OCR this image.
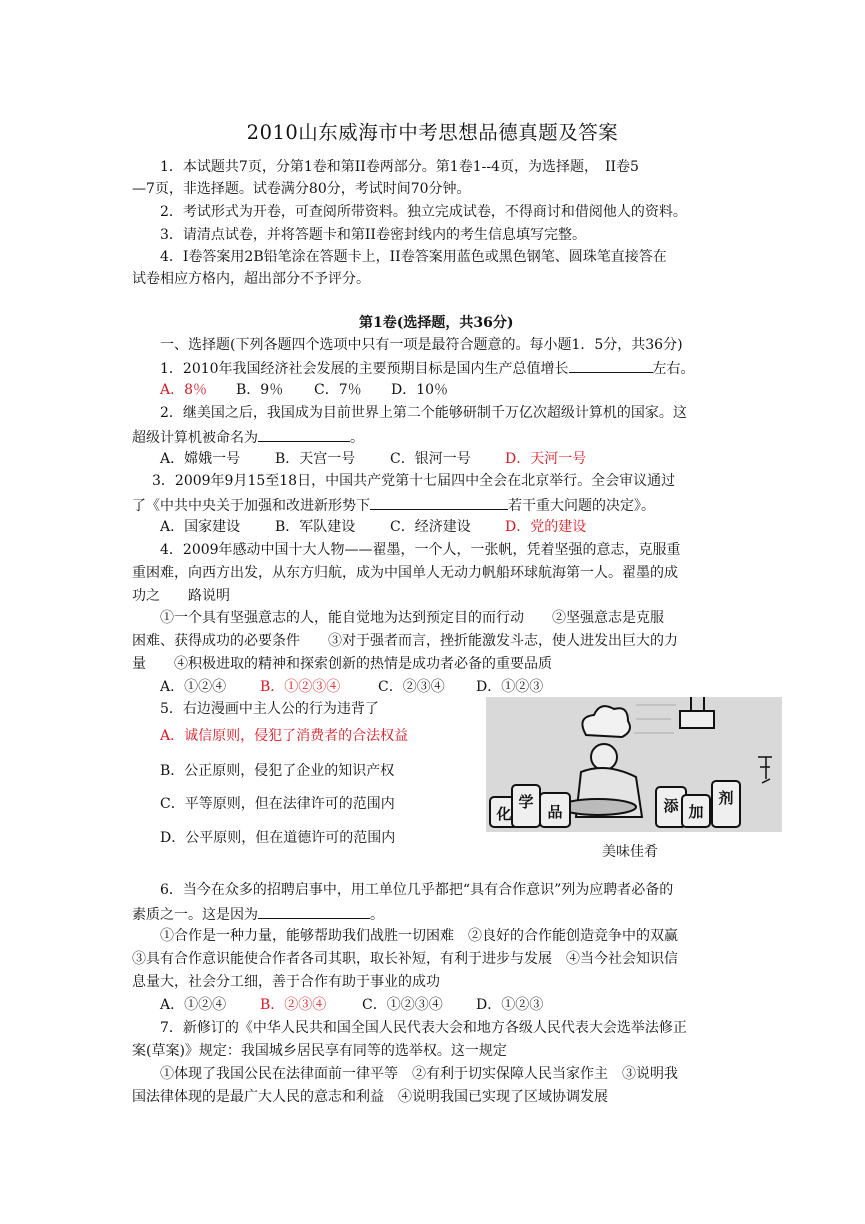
2010山东威海市中考思想品德真题及答案
1．本试题共7页，分第1卷和第II卷两部分。第1卷1--4页，为选择题，　II卷5
—7页，非选择题。试卷满分80分，考试时间70分钟。
2．考试形式为开卷，可查阅所带资料。独立完成试卷，不得商讨和借阅他人的资料。
3．请清点试卷，并将答题卡和第II卷密封线内的考生信息填写完整。
4．I卷答案用2B铅笔涂在答题卡上，II卷答案用蓝色或黑色钢笔、圆珠笔直接答在
试卷相应方格内，超出部分不予评分。
第1卷(选择题，共36分)
一、选择题(下列各题四个选项中只有一项是最符合题意的。每小题1．5分，共36分)
1．2010年我国经济社会发展的主要预期目标是国内生产总值增长	左右。
A．8％ B．9％ C．7％ D．10％
2．继美国之后，我国成为目前世界上第二个能够研制千万亿次超级计算机的国家。这
超级计算机被命名为	。
A．嫦娥一号 B．天宫一号 C．银河一号 D．天河一号
3．2009年9月15至18日，中国共产党第十七届四中全会在北京举行。全会审议通过
了《中共中央关于加强和改进新形势下	若干重大问题的决定》。
A．国家建设 B．军队建设 C．经济建设 D．党的建设
4．2009年感动中国十大人物——翟墨，一个人，一张帆，凭着坚强的意志，克服重
重困难，向西方出发，从东方归航，成为中国单人无动力帆船环球航海第一人。翟墨的成
功之　　路说明
①一个具有坚强意志的人，能自觉地为达到预定目的而行动　　②坚强意志是克服
困难、获得成功的必要条件　　③对于强者而言，挫折能激发斗志，使人进发出巨大的力
量　　④积极进取的精神和探索创新的热情是成功者必备的重要品质
A．①②④ B．①②③④	C．②③④ D．①②③
5．右边漫画中主人公的行为违背了
A．诚信原则，侵犯了消费者的合法权益
B．公正原则，侵犯了企业的知识产权
C．平等原则，但在法律许可的范围内
D．公平原则，但在道德许可的范围内
化
学
品	添 加
剂
美味佳肴
6．当今在众多的招聘启事中，用工单位几乎都把“具有合作意识”列为应聘者必备的
素质之一。这是因为	。
①合作是一种力量，能够帮助我们战胜一切困难　②良好的合作能创造竞争中的双赢
③具有合作意识能使合作者各司其职，取长补短，有利于进步与发展　④当今社会知识信
息量大，社会分工细，善于合作有助于事业的成功
A．①②④ B．②③④	C．①②③④ D．①②③
7．新修订的《中华人民共和国全国人民代表大会和地方各级人民代表大会选举法修正
案(草案)》规定：我国城乡居民享有同等的选举权。这一规定
①体现了我国公民在法律面前一律平等　②有利于切实保障人民当家作主　③说明我
国法律体现的是最广大人民的意志和利益　④说明我国已实现了区域协调发展
